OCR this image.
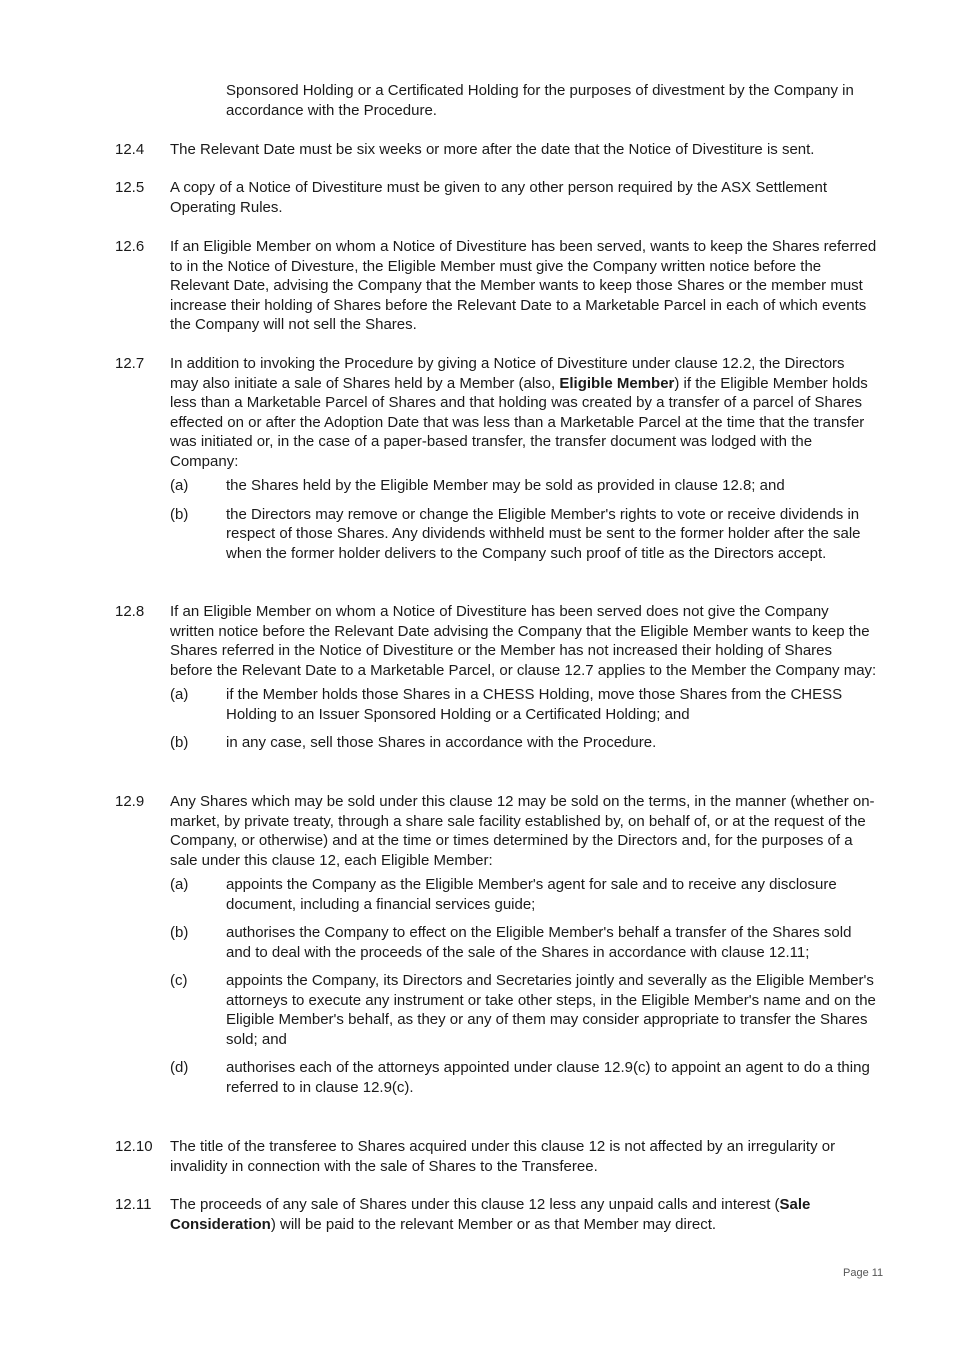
Sponsored Holding or a Certificated Holding for the purposes of divestment by the Company in accordance with the Procedure.

12.4 The Relevant Date must be six weeks or more after the date that the Notice of Divestiture is sent.
12.5 A copy of a Notice of Divestiture must be given to any other person required by the ASX Settlement Operating Rules.
12.6 If an Eligible Member on whom a Notice of Divestiture has been served, wants to keep the Shares referred to in the Notice of Divesture, the Eligible Member must give the Company written notice before the Relevant Date, advising the Company that the Member wants to keep those Shares or the member must increase their holding of Shares before the Relevant Date to a Marketable Parcel in each of which events the Company will not sell the Shares.
12.7 In addition to invoking the Procedure by giving a Notice of Divestiture under clause 12.2, the Directors may also initiate a sale of Shares held by a Member (also, Eligible Member) if the Eligible Member holds less than a Marketable Parcel of Shares and that holding was created by a transfer of a parcel of Shares effected on or after the Adoption Date that was less than a Marketable Parcel at the time that the transfer was initiated or, in the case of a paper-based transfer, the transfer document was lodged with the Company:
(a)	the Shares held by the Eligible Member may be sold as provided in clause 12.8; and
(b)	the Directors may remove or change the Eligible Member's rights to vote or receive dividends in respect of those Shares. Any dividends withheld must be sent to the former holder after the sale when the former holder delivers to the Company such proof of title as the Directors accept.
12.8 If an Eligible Member on whom a Notice of Divestiture has been served does not give the Company written notice before the Relevant Date advising the Company that the Eligible Member wants to keep the Shares referred in the Notice of Divestiture or the Member has not increased their holding of Shares before the Relevant Date to a Marketable Parcel, or clause 12.7 applies to the Member the Company may:
(a)	if the Member holds those Shares in a CHESS Holding, move those Shares from the CHESS Holding to an Issuer Sponsored Holding or a Certificated Holding; and
(b)	in any case, sell those Shares in accordance with the Procedure.
12.9 Any Shares which may be sold under this clause 12 may be sold on the terms, in the manner (whether on-market, by private treaty, through a share sale facility established by, on behalf of, or at the request of the Company, or otherwise) and at the time or times determined by the Directors and, for the purposes of a sale under this clause 12, each Eligible Member:
(a)	appoints the Company as the Eligible Member's agent for sale and to receive any disclosure document, including a financial services guide;
(b)	authorises the Company to effect on the Eligible Member's behalf a transfer of the Shares sold and to deal with the proceeds of the sale of the Shares in accordance with clause 12.11;
(c)	appoints the Company, its Directors and Secretaries jointly and severally as the Eligible Member's attorneys to execute any instrument or take other steps, in the Eligible Member's name and on the Eligible Member's behalf, as they or any of them may consider appropriate to transfer the Shares sold; and
(d)	authorises each of the attorneys appointed under clause 12.9(c) to appoint an agent to do a thing referred to in clause 12.9(c).
12.10 The title of the transferee to Shares acquired under this clause 12 is not affected by an irregularity or invalidity in connection with the sale of Shares to the Transferee.
12.11 The proceeds of any sale of Shares under this clause 12 less any unpaid calls and interest (Sale Consideration) will be paid to the relevant Member or as that Member may direct.
Page 11
